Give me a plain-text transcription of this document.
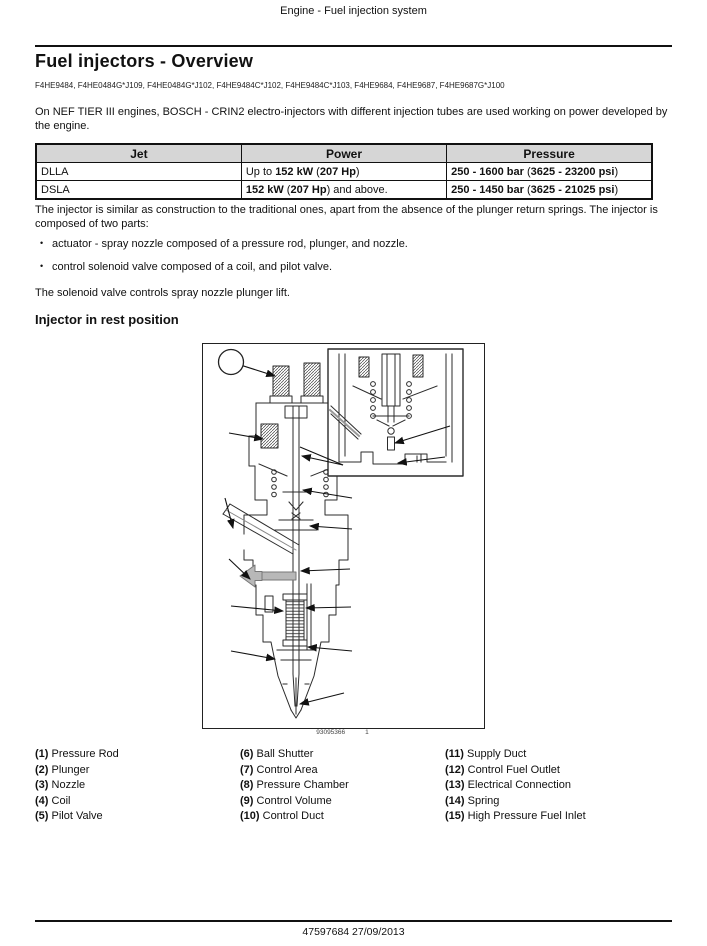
Engine - Fuel injection system
Fuel injectors - Overview
F4HE9484, F4HE0484G*J109, F4HE0484G*J102, F4HE9484C*J102, F4HE9484C*J103, F4HE9684, F4HE9687, F4HE9687G*J100
On NEF TIER III engines, BOSCH - CRIN2 electro-injectors with different injection tubes are used working on power developed by the engine.
Jet	Power	Pressure
DLLA	Up to 152 kW (207 Hp)	250 - 1600 bar (3625 - 23200 psi)
DSLA	152 kW (207 Hp) and above.	250 - 1450 bar (3625 - 21025 psi)
The injector is similar as construction to the traditional ones, apart from the absence of the plunger return springs. The injector is composed of two parts:
• actuator - spray nozzle composed of a pressure rod, plunger, and nozzle.
• control solenoid valve composed of a coil, and pilot valve.
The solenoid valve controls spray nozzle plunger lift.
Injector in rest position
93095366	1
(1) Pressure Rod
(2) Plunger
(3) Nozzle
(4) Coil
(5) Pilot Valve
(6) Ball Shutter
(7) Control Area
(8) Pressure Chamber
(9) Control Volume
(10) Control Duct
(11) Supply Duct
(12) Control Fuel Outlet
(13) Electrical Connection
(14) Spring
(15) High Pressure Fuel Inlet
47597684 27/09/2013
